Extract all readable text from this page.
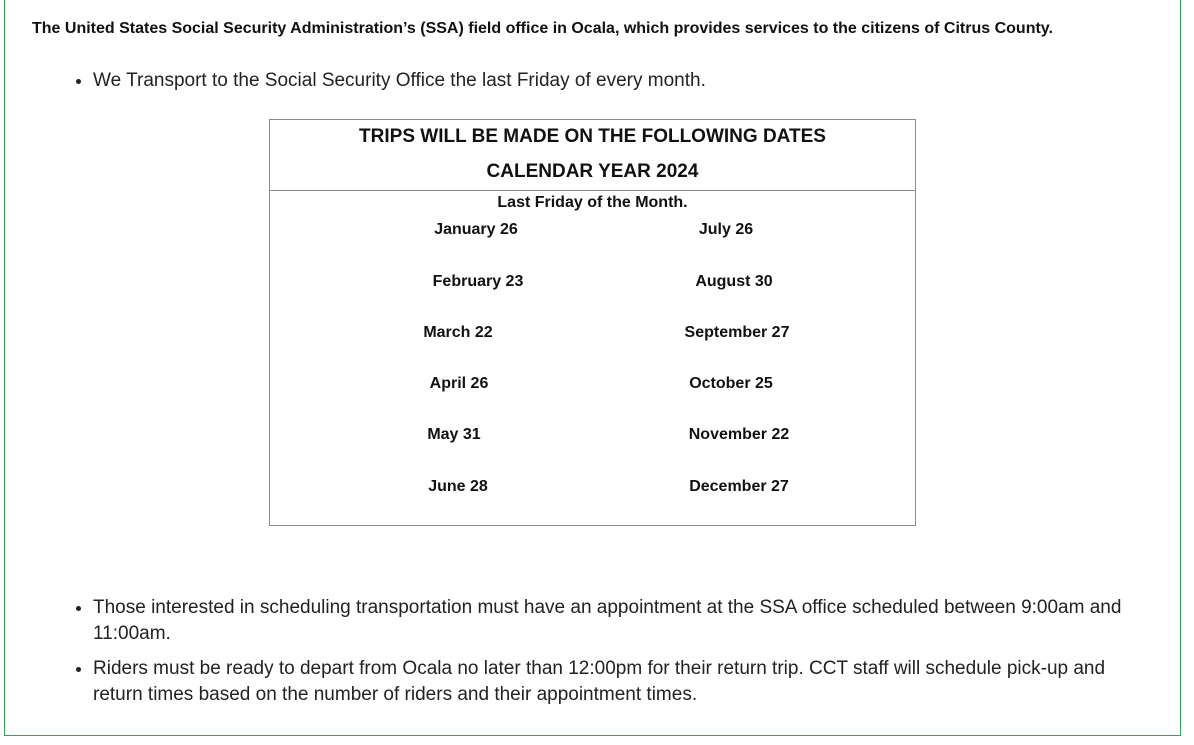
The United States Social Security Administration’s (SSA) field office in Ocala, which provides services to the citizens of Citrus County.
• We Transport to the Social Security Office the last Friday of every month.
TRIPS WILL BE MADE ON THE FOLLOWING DATES
CALENDAR YEAR 2024
Last Friday of the Month.
January 26
February 23
March 22
April 26
May 31
June 28
July 26
August 30
September 27
October 25
November 22
December 27
• Those interested in scheduling transportation must have an appointment at the SSA office scheduled between 9:00am and 11:00am.
• Riders must be ready to depart from Ocala no later than 12:00pm for their return trip. CCT staff will schedule pick-up and return times based on the number of riders and their appointment times.
